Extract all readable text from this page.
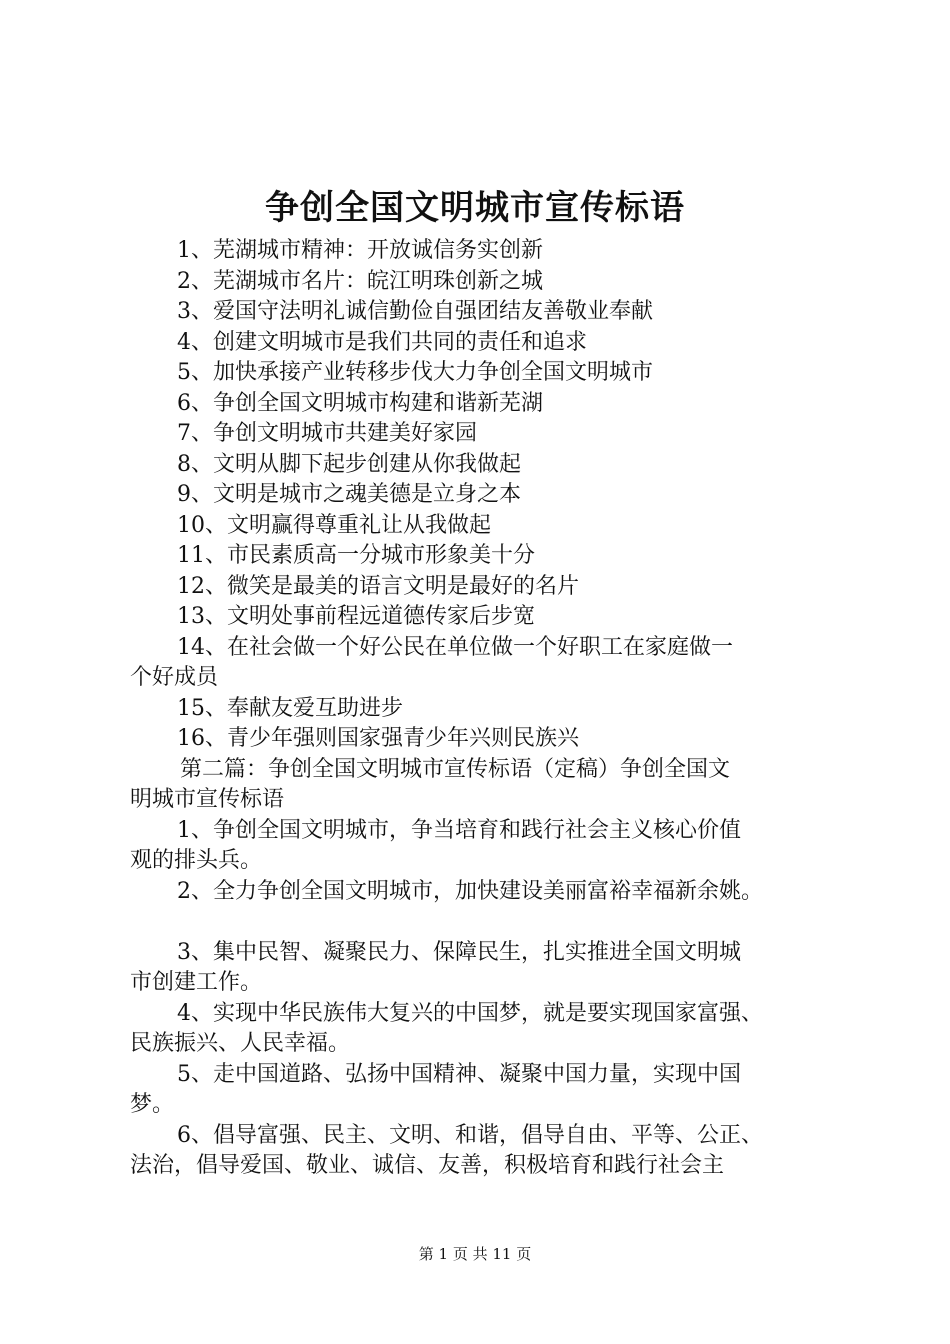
争创全国文明城市宣传标语
1、芜湖城市精神：开放诚信务实创新
2、芜湖城市名片：皖江明珠创新之城
3、爱国守法明礼诚信勤俭自强团结友善敬业奉献
4、创建文明城市是我们共同的责任和追求
5、加快承接产业转移步伐大力争创全国文明城市
6、争创全国文明城市构建和谐新芜湖
7、争创文明城市共建美好家园
8、文明从脚下起步创建从你我做起
9、文明是城市之魂美德是立身之本
10、文明赢得尊重礼让从我做起
11、市民素质高一分城市形象美十分
12、微笑是最美的语言文明是最好的名片
13、文明处事前程远道德传家后步宽
14、在社会做一个好公民在单位做一个好职工在家庭做一
个好成员
15、奉献友爱互助进步
16、青少年强则国家强青少年兴则民族兴
第二篇：争创全国文明城市宣传标语（定稿）争创全国文
明城市宣传标语
1、争创全国文明城市，争当培育和践行社会主义核心价值
观的排头兵。
2、全力争创全国文明城市，加快建设美丽富裕幸福新余姚。
3、集中民智、凝聚民力、保障民生，扎实推进全国文明城
市创建工作。
4、实现中华民族伟大复兴的中国梦，就是要实现国家富强、
民族振兴、人民幸福。
5、走中国道路、弘扬中国精神、凝聚中国力量，实现中国
梦。
6、倡导富强、民主、文明、和谐，倡导自由、平等、公正、
法治，倡导爱国、敬业、诚信、友善，积极培育和践行社会主
第 1 页 共 11 页
